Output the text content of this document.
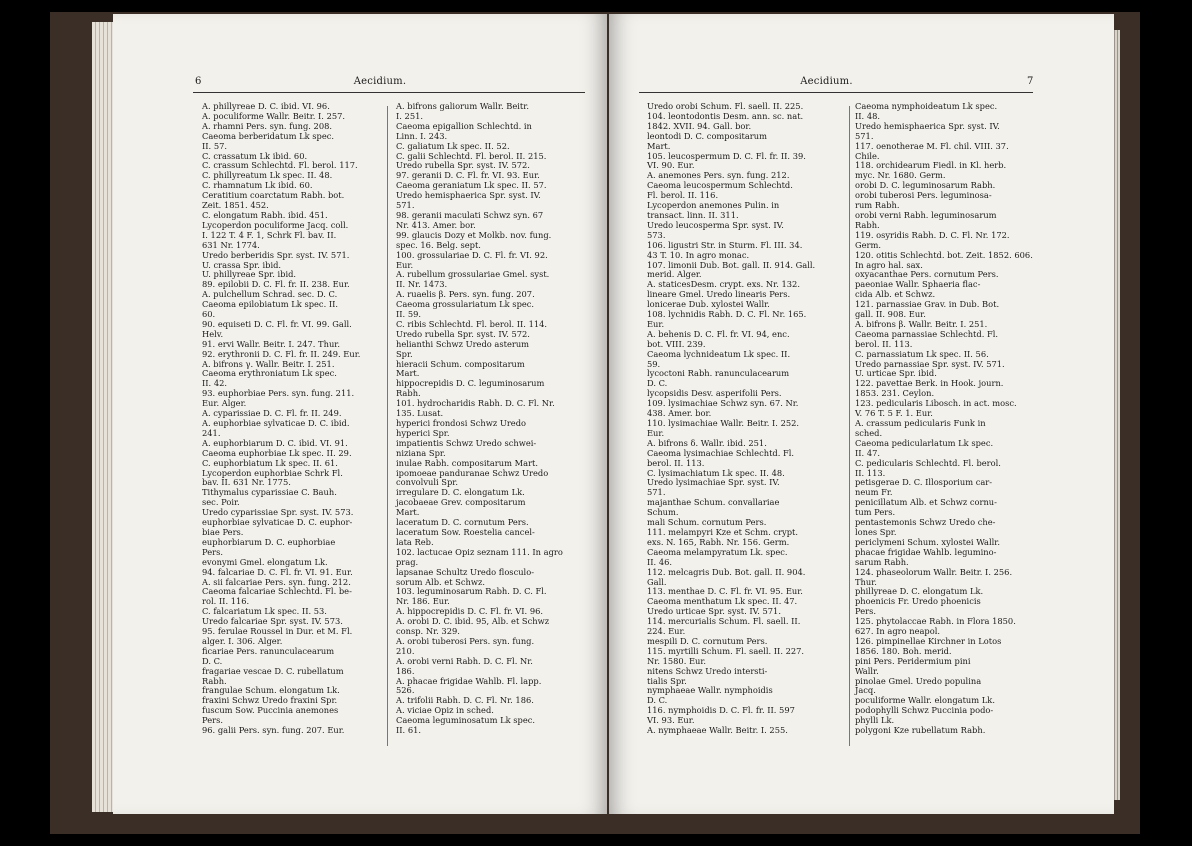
6	Aecidium.
A. phillyreae D. C. ibid. VI. 96.
A. poculiforme Wallr. Beitr. I. 257.
A. rhamni Pers. syn. fung. 208.
Caeoma berberidatum Lk spec.
II. 57.
C. crassatum Lk ibid. 60.
C. crassum Schlechtd. Fl. berol. 117.
C. phillyreatum Lk spec. II. 48.
C. rhamnatum Lk ibid. 60.
Ceratitium coarctatum Rabh. bot.
Zeit. 1851. 452.
C. elongatum Rabh. ibid. 451.
Lycoperdon poculiforme Jacq. coll.
I. 122 T. 4 F. 1, Schrk Fl. bav. II.
631 Nr. 1774.
Uredo berberidis Spr. syst. IV. 571.
U. crassa Spr. ibid.
U. phillyreae Spr. ibid.
89. epilobii D. C. Fl. fr. II. 238. Eur.
A. pulchellum Schrad. sec. D. C.
Caeoma epilobiatum Lk spec. II.
60.
90. equiseti D. C. Fl. fr. VI. 99. Gall.
Helv.
91. ervi Wallr. Beitr. I. 247. Thur.
92. erythronii D. C. Fl. fr. II. 249. Eur.
A. bifrons γ. Wallr. Beitr. I. 251.
Caeoma erythroniatum Lk spec.
II. 42.
93. euphorbiae Pers. syn. fung. 211.
Eur. Alger.
A. cyparissiae D. C. Fl. fr. II. 249.
A. euphorbiae sylvaticae D. C. ibid.
241.
A. euphorbiarum D. C. ibid. VI. 91.
Caeoma euphorbiae Lk spec. II. 29.
C. euphorbiatum Lk spec. II. 61.
Lycoperdon euphorbiae Schrk Fl.
bav. II. 631 Nr. 1775.
Tithymalus cyparissiae C. Bauh.
sec. Poir.
Uredo cyparissiae Spr. syst. IV. 573.
euphorbiae sylvaticae D. C. euphor-
biae Pers.
euphorbiarum D. C. euphorbiae
Pers.
evonymi Gmel. elongatum Lk.
94. falcariae D. C. Fl. fr. VI. 91. Eur.
A. sii falcariae Pers. syn. fung. 212.
Caeoma falcariae Schlechtd. Fl. be-
rol. II. 116.
C. falcariatum Lk spec. II. 53.
Uredo falcariae Spr. syst. IV. 573.
95. ferulae Roussel in Dur. et M. Fl.
alger. I. 306. Alger.
ficariae Pers. ranunculacearum
D. C.
fragariae vescae D. C. rubellatum
Rabh.
frangulae Schum. elongatum Lk.
fraxini Schwz Uredo fraxini Spr.
fuscum Sow. Puccinia anemones
Pers.
96. galii Pers. syn. fung. 207. Eur.
A. bifrons galiorum Wallr. Beitr.
I. 251.
Caeoma epigallion Schlechtd. in
Linn. I. 243.
C. galiatum Lk spec. II. 52.
C. galii Schlechtd. Fl. berol. II. 215.
Uredo rubella Spr. syst. IV. 572.
97. geranii D. C. Fl. fr. VI. 93. Eur.
Caeoma geraniatum Lk spec. II. 57.
Uredo hemisphaerica Spr. syst. IV.
571.
98. geranii maculati Schwz syn. 67
Nr. 413. Amer. bor.
99. glaucis Dozy et Molkb. nov. fung.
spec. 16. Belg. sept.
100. grossulariae D. C. Fl. fr. VI. 92.
Eur.
A. rubellum grossulariae Gmel. syst.
II. Nr. 1473.
A. ruaelis β. Pers. syn. fung. 207.
Caeoma grossulariatum Lk spec.
II. 59.
C. ribis Schlechtd. Fl. berol. II. 114.
Uredo rubella Spr. syst. IV. 572.
helianthi Schwz Uredo asterum
Spr.
hieracii Schum. compositarum
Mart.
hippocrepidis D. C. leguminosarum
Rabh.
101. hydrocharidis Rabh. D. C. Fl. Nr.
135. Lusat.
hyperici frondosi Schwz Uredo
hyperici Spr.
impatientis Schwz Uredo schwei-
niziana Spr.
inulae Rabh. compositarum Mart.
ipomoeae panduranae Schwz Uredo
convolvuli Spr.
irregulare D. C. elongatum Lk.
jacobaeae Grev. compositarum
Mart.
laceratum D. C. cornutum Pers.
laceratum Sow. Roestelia cancel-
lata Reb.
102. lactucae Opiz seznam 111. In agro
prag.
lapsanae Schultz Uredo flosculo-
sorum Alb. et Schwz.
103. leguminosarum Rabh. D. C. Fl.
Nr. 186. Eur.
A. hippocrepidis D. C. Fl. fr. VI. 96.
A. orobi D. C. ibid. 95, Alb. et Schwz
consp. Nr. 329.
A. orobi tuberosi Pers. syn. fung.
210.
A. orobi verni Rabh. D. C. Fl. Nr.
186.
A. phacae frigidae Wahlb. Fl. lapp.
526.
A. trifolii Rabh. D. C. Fl. Nr. 186.
A. viciae Opiz in sched.
Caeoma leguminosatum Lk spec.
II. 61.
Aecidium.	7
Uredo orobi Schum. Fl. saell. II. 225.
104. leontodontis Desm. ann. sc. nat.
1842. XVII. 94. Gall. bor.
leontodi D. C. compositarum
Mart.
105. leucospermum D. C. Fl. fr. II. 39.
VI. 90. Eur.
A. anemones Pers. syn. fung. 212.
Caeoma leucospermum Schlechtd.
Fl. berol. II. 116.
Lycoperdon anemones Pulin. in
transact. linn. II. 311.
Uredo leucosperma Spr. syst. IV.
573.
106. ligustri Str. in Sturm. Fl. III. 34.
43 T. 10. In agro monac.
107. limonii Dub. Bot. gall. II. 914. Gall.
merid. Alger.
A. staticesDesm. crypt. exs. Nr. 132.
lineare Gmel. Uredo linearis Pers.
lonicerae Dub. xylostei Wallr.
108. lychnidis Rabh. D. C. Fl. Nr. 165.
Eur.
A. behenis D. C. Fl. fr. VI. 94, enc.
bot. VIII. 239.
Caeoma lychnideatum Lk spec. II.
59.
lycoctoni Rabh. ranunculacearum
D. C.
lycopsidis Desv. asperifolii Pers.
109. lysimachiae Schwz syn. 67. Nr.
438. Amer. bor.
110. lysimachiae Wallr. Beitr. I. 252.
Eur.
A. bifrons δ. Wallr. ibid. 251.
Caeoma lysimachiae Schlechtd. Fl.
berol. II. 113.
C. lysimachiatum Lk spec. II. 48.
Uredo lysimachiae Spr. syst. IV.
571.
majanthae Schum. convallariae
Schum.
mali Schum. cornutum Pers.
111. melampyri Kze et Schm. crypt.
exs. N. 165, Rabh. Nr. 156. Germ.
Caeoma melampyratum Lk. spec.
II. 46.
112. melcagris Dub. Bot. gall. II. 904.
Gall.
113. menthae D. C. Fl. fr. VI. 95. Eur.
Caeoma menthatum Lk spec. II. 47.
Uredo urticae Spr. syst. IV. 571.
114. mercurialis Schum. Fl. saell. II.
224. Eur.
mespili D. C. cornutum Pers.
115. myrtilli Schum. Fl. saell. II. 227.
Nr. 1580. Eur.
nitens Schwz Uredo intersti-
tialis Spr.
nymphaeae Wallr. nymphoidis
D. C.
116. nymphoidis D. C. Fl. fr. II. 597
VI. 93. Eur.
A. nymphaeae Wallr. Beitr. I. 255.
Caeoma nymphoideatum Lk spec.
II. 48.
Uredo hemisphaerica Spr. syst. IV.
571.
117. oenotherae M. Fl. chil. VIII. 37.
Chile.
118. orchidearum Fiedl. in Kl. herb.
myc. Nr. 1680. Germ.
orobi D. C. leguminosarum Rabh.
orobi tuberosi Pers. leguminosa-
rum Rabh.
orobi verni Rabh. leguminosarum
Rabh.
119. osyridis Rabh. D. C. Fl. Nr. 172.
Germ.
120. otitis Schlechtd. bot. Zeit. 1852. 606.
In agro hal. sax.
oxyacanthae Pers. cornutum Pers.
paeoniae Wallr. Sphaeria flac-
cida Alb. et Schwz.
121. parnassiae Grav. in Dub. Bot.
gall. II. 908. Eur.
A. bifrons β. Wallr. Beitr. I. 251.
Caeoma parnassiae Schlechtd. Fl.
berol. II. 113.
C. parnassiatum Lk spec. II. 56.
Uredo parnassiae Spr. syst. IV. 571.
U. urticae Spr. ibid.
122. pavettae Berk. in Hook. journ.
1853. 231. Ceylon.
123. pedicularis Libosch. in act. mosc.
V. 76 T. 5 F. 1. Eur.
A. crassum pedicularis Funk in
sched.
Caeoma pedicularlatum Lk spec.
II. 47.
C. pedicularis Schlechtd. Fl. berol.
II. 113.
petisgerae D. C. Illosporium car-
neum Fr.
penicillatum Alb. et Schwz cornu-
tum Pers.
pentastemonis Schwz Uredo che-
lones Spr.
periclymeni Schum. xylostei Wallr.
phacae frigidae Wahlb. legumino-
sarum Rabh.
124. phaseolorum Wallr. Beitr. I. 256.
Thur.
phillyreae D. C. elongatum Lk.
phoenicis Fr. Uredo phoenicis
Pers.
125. phytolaccae Rabh. in Flora 1850.
627. In agro neapol.
126. pimpinellae Kirchner in Lotos
1856. 180. Boh. merid.
pini Pers. Peridermium pini
Wallr.
pinolae Gmel. Uredo populina
Jacq.
poculiforme Wallr. elongatum Lk.
podophylli Schwz Puccinia podo-
phylli Lk.
polygoni Kze rubellatum Rabh.
